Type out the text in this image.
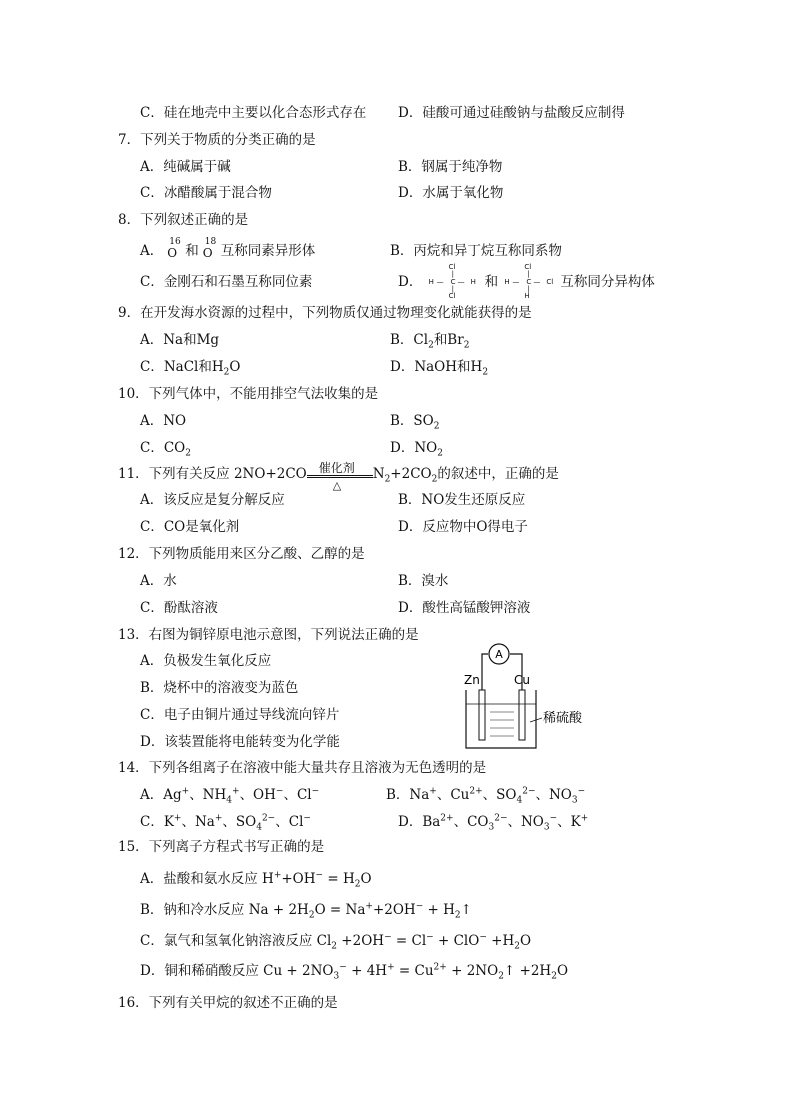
C．硅在地壳中主要以化合态形式存在 D．硅酸可通过硅酸钠与盐酸反应制得
7．下列关于物质的分类正确的是
A．纯碱属于碱	B．钢属于纯净物
C．冰醋酸属于混合物	D．水属于氧化物
8．下列叙述正确的是
A．
16
O 和
18
O 互称同素异形体	B．丙烷和异丁烷互称同系物
C．金刚石和石墨互称同位素	D．
Cl
|
H — C — H
|
Cl
和
Cl
|
H — C — Cl
|
H
互称同分异构体
9．在开发海水资源的过程中，下列物质仅通过物理变化就能获得的是
A．Na和Mg	B．$Cl_2$和$Br_2$
C．NaCl和$H_2O$	D．NaOH和$H_2$
10．下列气体中，不能用排空气法收集的是
A．NO	B．$SO_2$
C．$CO_2$	D．$NO_2$
11．下列有关反应 2NO+2CO 催化剂
△
$N_2+2CO_2$的叙述中，正确的是
A．该反应是复分解反应	B．NO发生还原反应
C．CO是氧化剂	D．反应物中O得电子
12．下列物质能用来区分乙酸、乙醇的是
A．水	B．溴水
C．酚酞溶液	D．酸性高锰酸钾溶液
13．右图为铜锌原电池示意图，下列说法正确的是
A．负极发生氧化反应
B．烧杯中的溶液变为蓝色
C．电子由铜片通过导线流向锌片
D．该装置能将电能转变为化学能
A
Zn	Cu
稀硫酸
14．下列各组离子在溶液中能大量共存且溶液为无色透明的是
A．Ag+、$NH_4^+$、OH−、Cl−	B．Na+、$Cu^{2+}$、$SO_4^{2-}$、$NO_3^-$
C．K+、Na+、$SO_4^{2-}$、Cl−	D．$Ba^{2+}$、$CO_3^{2-}$、$NO_3^-$、K+
15．下列离子方程式书写正确的是
A．盐酸和氨水反应 $H^++OH^- = H_2O$
B．钠和冷水反应 $Na + 2H_2O = Na^++2OH^-$ + $H_2↑$
C．氯气和氢氧化钠溶液反应 $Cl_2 +2OH^- = Cl^- + ClO^- +H_2O$
D．铜和稀硝酸反应 $Cu + 2NO_3^- + 4H^+ = Cu^{2+}$ + $2NO_2↑ +2H_2O$
16．下列有关甲烷的叙述不正确的是
